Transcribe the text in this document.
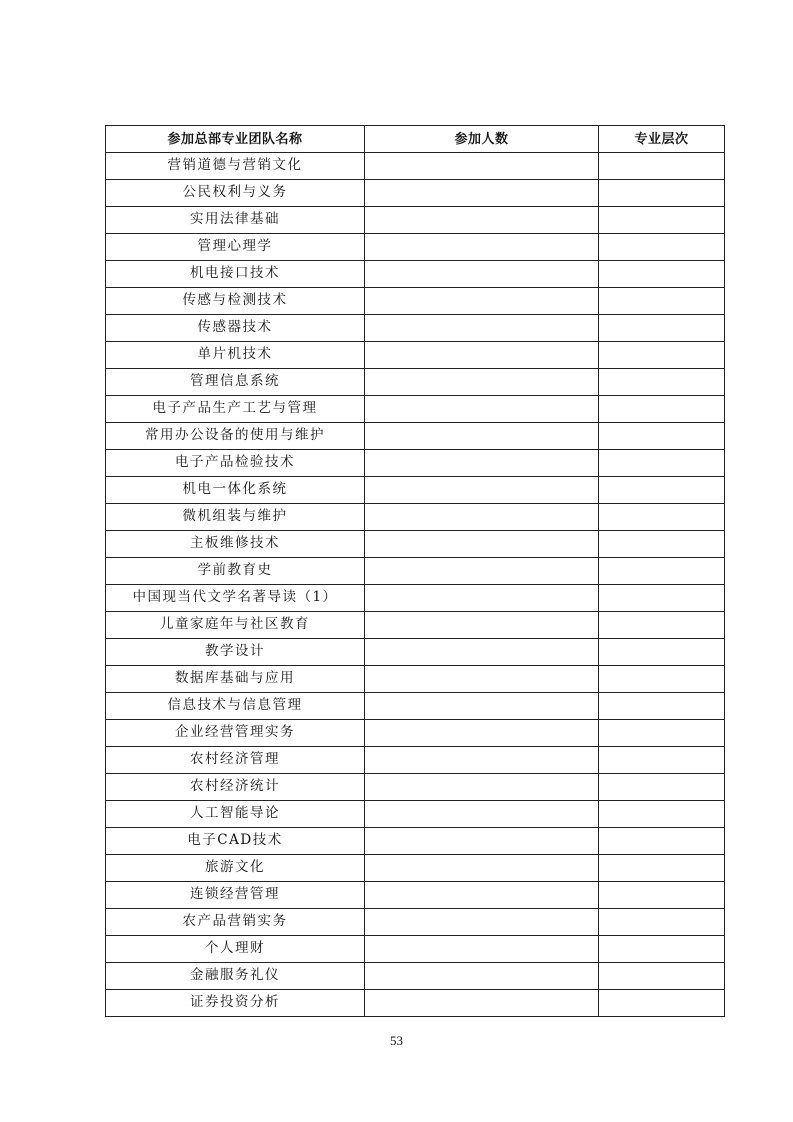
参加总部专业团队名称	参加人数	专业层次
营销道德与营销文化		
公民权利与义务		
实用法律基础		
管理心理学		
机电接口技术		
传感与检测技术		
传感器技术		
单片机技术		
管理信息系统		
电子产品生产工艺与管理		
常用办公设备的使用与维护		
电子产品检验技术		
机电一体化系统		
微机组装与维护		
主板维修技术		
学前教育史		
中国现当代文学名著导读（1）		
儿童家庭年与社区教育		
教学设计		
数据库基础与应用		
信息技术与信息管理		
企业经营管理实务		
农村经济管理		
农村经济统计		
人工智能导论		
电子CAD技术		
旅游文化		
连锁经营管理		
农产品营销实务		
个人理财		
金融服务礼仪		
证券投资分析		
53
